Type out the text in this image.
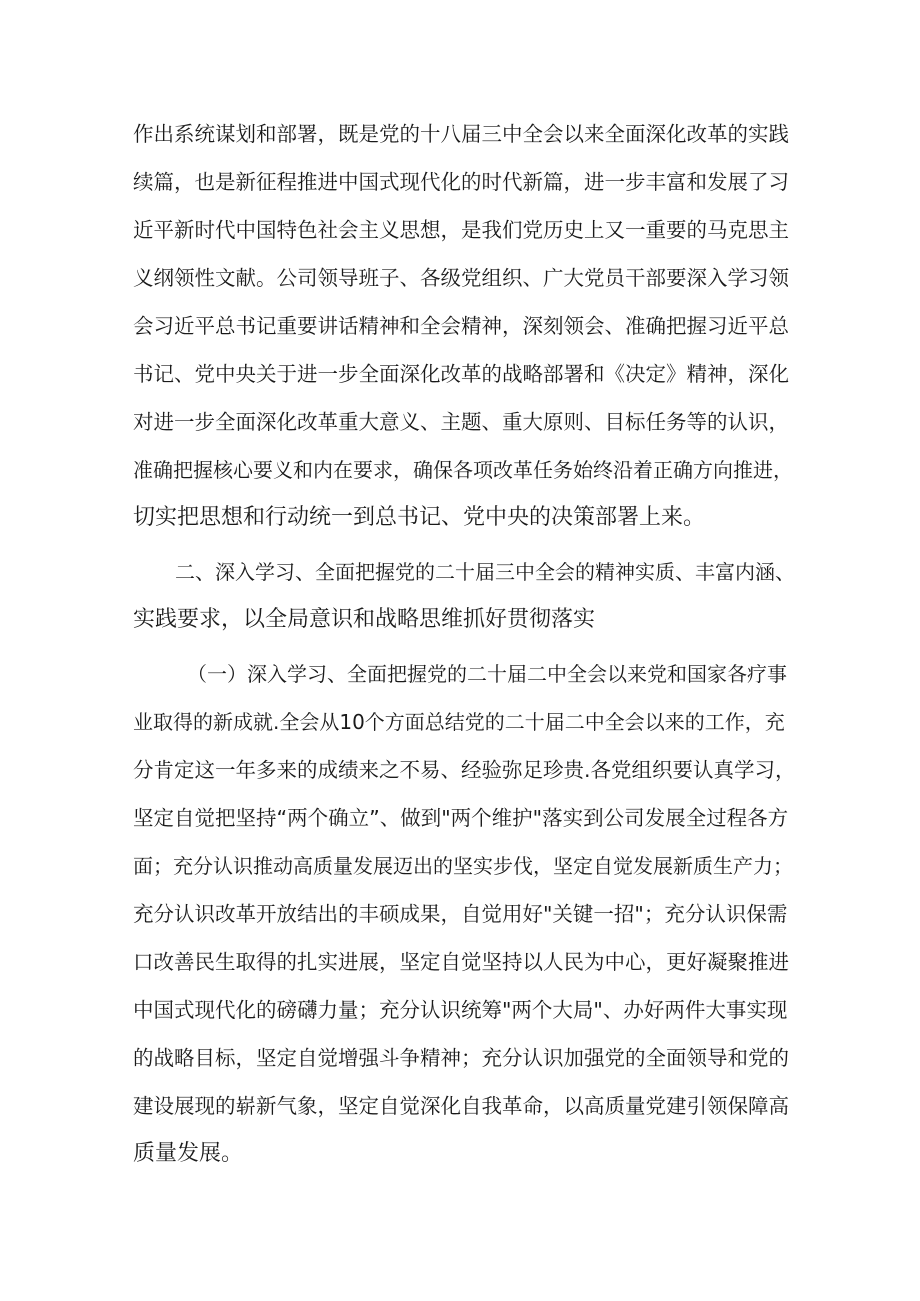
作出系统谋划和部署，既是党的十八届三中全会以来全面深化改革的实践
续篇，也是新征程推进中国式现代化的时代新篇，进一步丰富和发展了习
近平新时代中国特色社会主义思想，是我们党历史上又一重要的马克思主
义纲领性文献。公司领导班子、各级党组织、广大党员干部要深入学习领
会习近平总书记重要讲话精神和全会精神，深刻领会、准确把握习近平总
书记、党中央关于进一步全面深化改革的战略部署和《决定》精神，深化
对进一步全面深化改革重大意义、主题、重大原则、目标任务等的认识，
准确把握核心要义和内在要求，确保各项改革任务始终沿着正确方向推进，
切实把思想和行动统一到总书记、党中央的决策部署上来。
二、深入学习、全面把握党的二十届三中全会的精神实质、丰富内涵、
实践要求，以全局意识和战略思维抓好贯彻落实
（一）深入学习、全面把握党的二十届二中全会以来党和国家各疗事
业取得的新成就.全会从10个方面总结党的二十届二中全会以来的工作，充
分肯定这一年多来的成绩来之不易、经验弥足珍贵.各党组织要认真学习，
坚定自觉把坚持“两个确立”、做到"两个维护"落实到公司发展全过程各方
面；充分认识推动高质量发展迈出的坚实步伐，坚定自觉发展新质生产力；
充分认识改革开放结出的丰硕成果，自觉用好"关键一招"；充分认识保需
口改善民生取得的扎实进展，坚定自觉坚持以人民为中心，更好凝聚推进
中国式现代化的磅礴力量；充分认识统筹"两个大局"、办好两件大事实现
的战略目标，坚定自觉增强斗争精神；充分认识加强党的全面领导和党的
建设展现的崭新气象，坚定自觉深化自我革命，以高质量党建引领保障高
质量发展。
